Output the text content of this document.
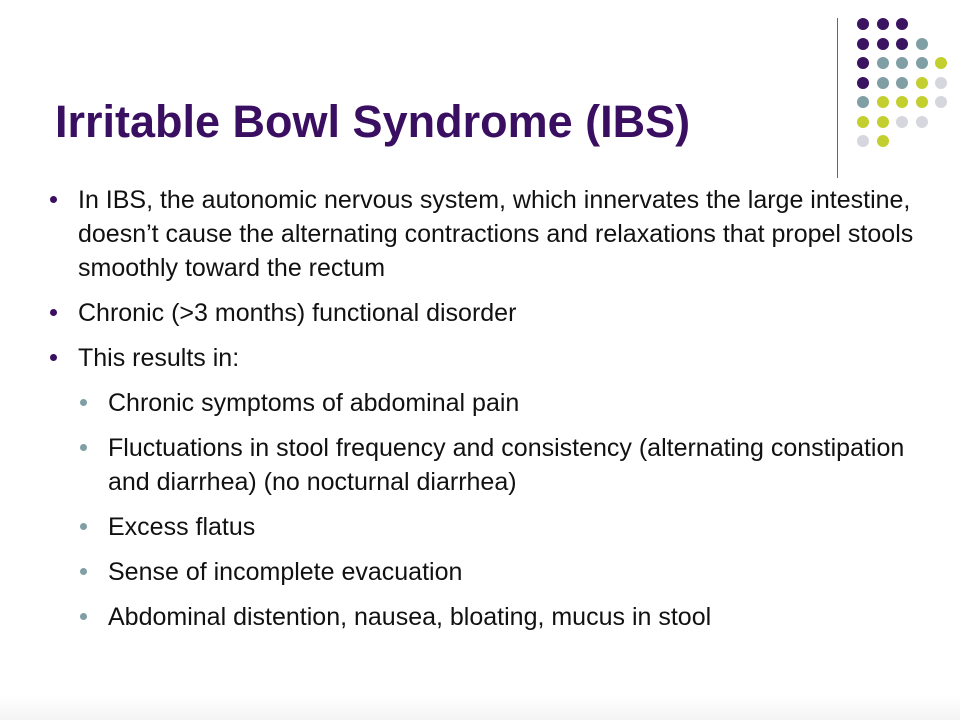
Irritable Bowl Syndrome (IBS)
In IBS, the autonomic nervous system, which innervates the large intestine, doesn’t cause the alternating contractions and relaxations that propel stools smoothly toward the rectum
Chronic (>3 months) functional disorder
This results in:
Chronic symptoms of abdominal pain
Fluctuations in stool frequency and consistency (alternating constipation and diarrhea) (no nocturnal diarrhea)
Excess flatus
Sense of incomplete evacuation
Abdominal distention, nausea, bloating, mucus in stool
